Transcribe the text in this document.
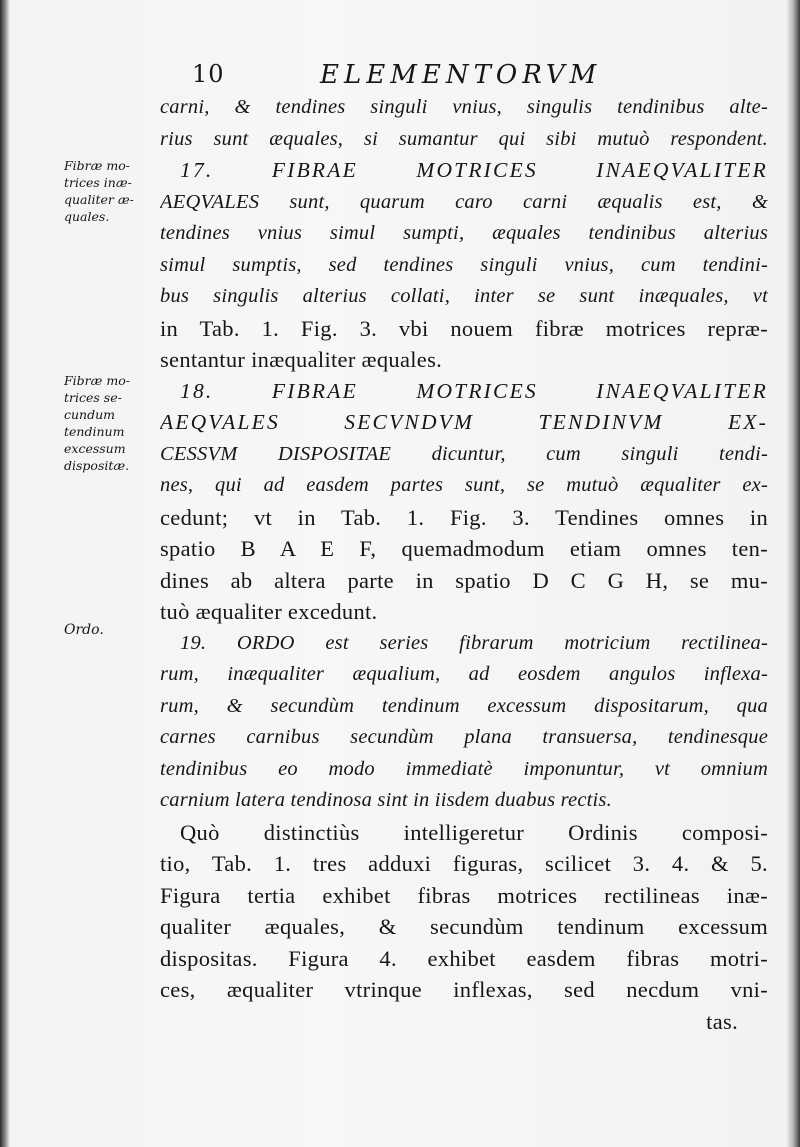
10	ELEMENTORVM
Fibræ mo-
trices inæ-
qualiter æ-
quales.
Fibræ mo-
trices se-
cundum
tendinum
excessum
dispositæ.
Ordo.
carni, & tendines singuli vnius, singulis tendinibus alte-
rius sunt æquales, si sumantur qui sibi mutuò respondent.
17. FIBRAE MOTRICES INAEQVALITER
AEQVALES sunt, quarum caro carni æqualis est, &
tendines vnius simul sumpti, æquales tendinibus alterius
simul sumptis, sed tendines singuli vnius, cum tendini-
bus singulis alterius collati, inter se sunt inæquales, vt
in Tab. 1. Fig. 3. vbi nouem fibræ motrices repræ-
sentantur inæqualiter æquales.
18. FIBRAE MOTRICES INAEQVALITER
AEQVALES SECVNDVM TENDINVM EX-
CESSVM DISPOSITAE dicuntur, cum singuli tendi-
nes, qui ad easdem partes sunt, se mutuò æqualiter ex-
cedunt; vt in Tab. 1. Fig. 3. Tendines omnes in
spatio B A E F, quemadmodum etiam omnes ten-
dines ab altera parte in spatio D C G H, se mu-
tuò æqualiter excedunt.
19. ORDO est series fibrarum motricium rectilinea-
rum, inæqualiter æqualium, ad eosdem angulos inflexa-
rum, & secundùm tendinum excessum dispositarum, qua
carnes carnibus secundùm plana transuersa, tendinesque
tendinibus eo modo immediatè imponuntur, vt omnium
carnium latera tendinosa sint in iisdem duabus rectis.
Quò distinctiùs intelligeretur Ordinis composi-
tio, Tab. 1. tres adduxi figuras, scilicet 3. 4. & 5.
Figura tertia exhibet fibras motrices rectilineas inæ-
qualiter æquales, & secundùm tendinum excessum
dispositas. Figura 4. exhibet easdem fibras motri-
ces, æqualiter vtrinque inflexas, sed necdum vni-
tas.
